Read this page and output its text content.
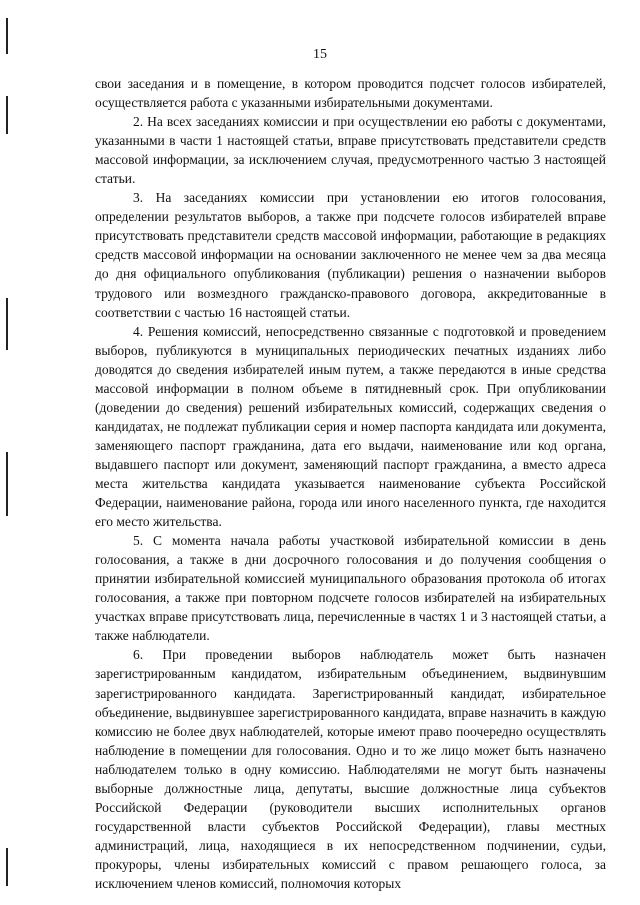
15

свои заседания и в помещение, в котором проводится подсчет голосов избирателей, осуществляется работа с указанными избирательными документами.

2. На всех заседаниях комиссии и при осуществлении ею работы с документами, указанными в части 1 настоящей статьи, вправе присутствовать представители средств массовой информации, за исключением случая, предусмотренного частью 3 настоящей статьи.

3. На заседаниях комиссии при установлении ею итогов голосования, определении результатов выборов, а также при подсчете голосов избирателей вправе присутствовать представители средств массовой информации, работающие в редакциях средств массовой информации на основании заключенного не менее чем за два месяца до дня официального опубликования (публикации) решения о назначении выборов трудового или возмездного гражданско-правового договора, аккредитованные в соответствии с частью 16 настоящей статьи.

4. Решения комиссий, непосредственно связанные с подготовкой и проведением выборов, публикуются в муниципальных периодических печатных изданиях либо доводятся до сведения избирателей иным путем, а также передаются в иные средства массовой информации в полном объеме в пятидневный срок. При опубликовании (доведении до сведения) решений избирательных комиссий, содержащих сведения о кандидатах, не подлежат публикации серия и номер паспорта кандидата или документа, заменяющего паспорт гражданина, дата его выдачи, наименование или код органа, выдавшего паспорт или документ, заменяющий паспорт гражданина, а вместо адреса места жительства кандидата указывается наименование субъекта Российской Федерации, наименование района, города или иного населенного пункта, где находится его место жительства.

5. С момента начала работы участковой избирательной комиссии в день голосования, а также в дни досрочного голосования и до получения сообщения о принятии избирательной комиссией муниципального образования протокола об итогах голосования, а также при повторном подсчете голосов избирателей на избирательных участках вправе присутствовать лица, перечисленные в частях 1 и 3 настоящей статьи, а также наблюдатели.

6. При проведении выборов наблюдатель может быть назначен зарегистрированным кандидатом, избирательным объединением, выдвинувшим зарегистрированного кандидата. Зарегистрированный кандидат, избирательное объединение, выдвинувшее зарегистрированного кандидата, вправе назначить в каждую комиссию не более двух наблюдателей, которые имеют право поочередно осуществлять наблюдение в помещении для голосования. Одно и то же лицо может быть назначено наблюдателем только в одну комиссию. Наблюдателями не могут быть назначены выборные должностные лица, депутаты, высшие должностные лица субъектов Российской Федерации (руководители высших исполнительных органов государственной власти субъектов Российской Федерации), главы местных администраций, лица, находящиеся в их непосредственном подчинении, судьи, прокуроры, члены избирательных комиссий с правом решающего голоса, за исключением членов комиссий, полномочия которых
